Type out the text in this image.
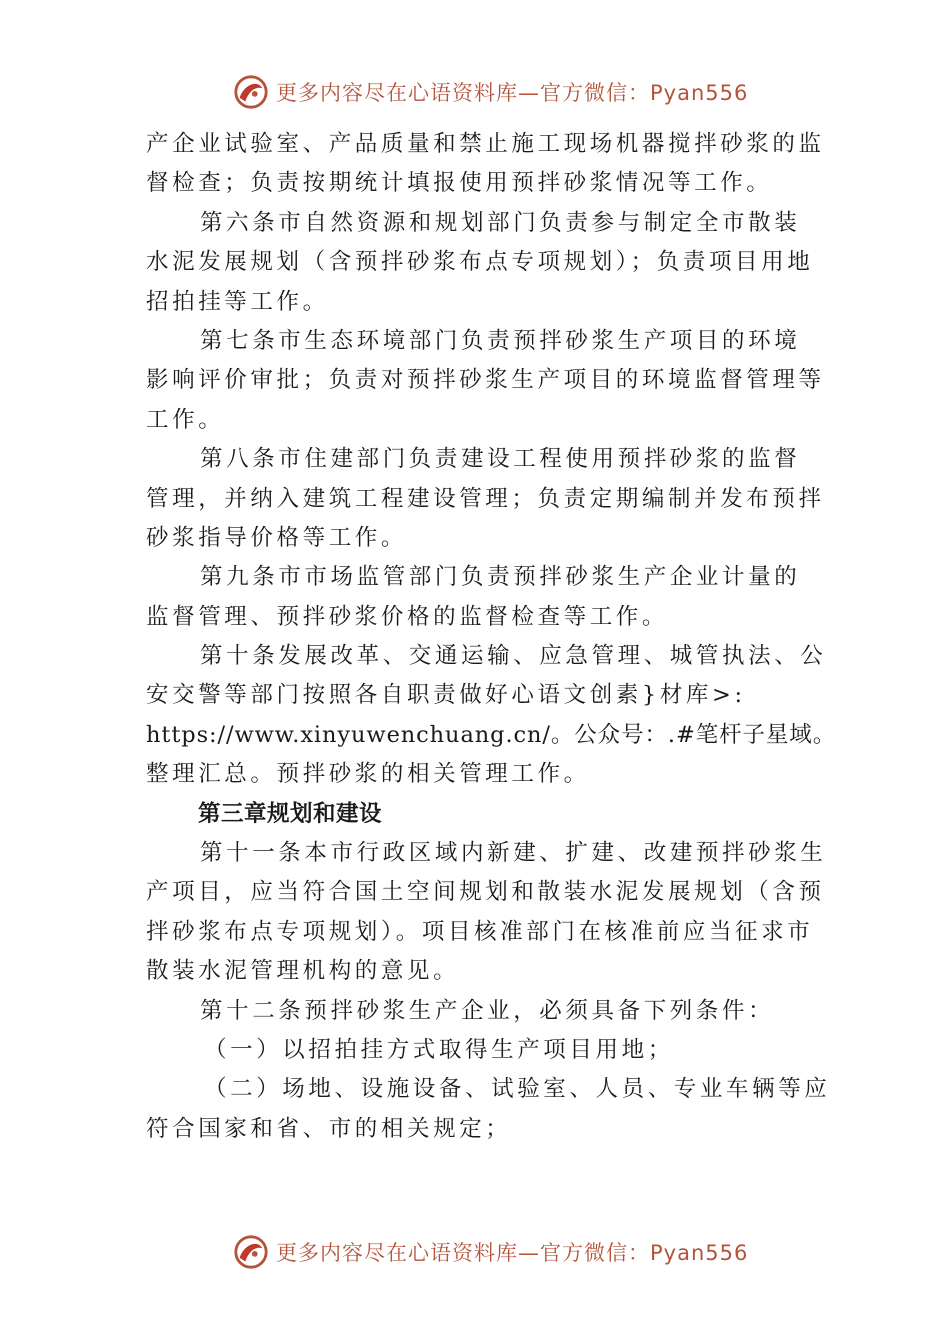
更多内容尽在心语资料库—官方微信：Pyan556
产企业试验室、产品质量和禁止施工现场机器搅拌砂浆的监
督检查；负责按期统计填报使用预拌砂浆情况等工作。
第六条市自然资源和规划部门负责参与制定全市散装
水泥发展规划（含预拌砂浆布点专项规划）；负责项目用地
招拍挂等工作。
第七条市生态环境部门负责预拌砂浆生产项目的环境
影响评价审批；负责对预拌砂浆生产项目的环境监督管理等
工作。
第八条市住建部门负责建设工程使用预拌砂浆的监督
管理，并纳入建筑工程建设管理；负责定期编制并发布预拌
砂浆指导价格等工作。
第九条市市场监管部门负责预拌砂浆生产企业计量的
监督管理、预拌砂浆价格的监督检查等工作。
第十条发展改革、交通运输、应急管理、城管执法、公
安交警等部门按照各自职责做好心语文创素}材库>:
https://www.xinyuwenchuang.cn/。公众号：.#笔杆子星域。
整理汇总。预拌砂浆的相关管理工作。
第三章规划和建设
第十一条本市行政区域内新建、扩建、改建预拌砂浆生
产项目，应当符合国土空间规划和散装水泥发展规划（含预
拌砂浆布点专项规划）。项目核准部门在核准前应当征求市
散装水泥管理机构的意见。
第十二条预拌砂浆生产企业，必须具备下列条件：
（一）以招拍挂方式取得生产项目用地；
（二）场地、设施设备、试验室、人员、专业车辆等应
符合国家和省、市的相关规定；
更多内容尽在心语资料库—官方微信：Pyan556
